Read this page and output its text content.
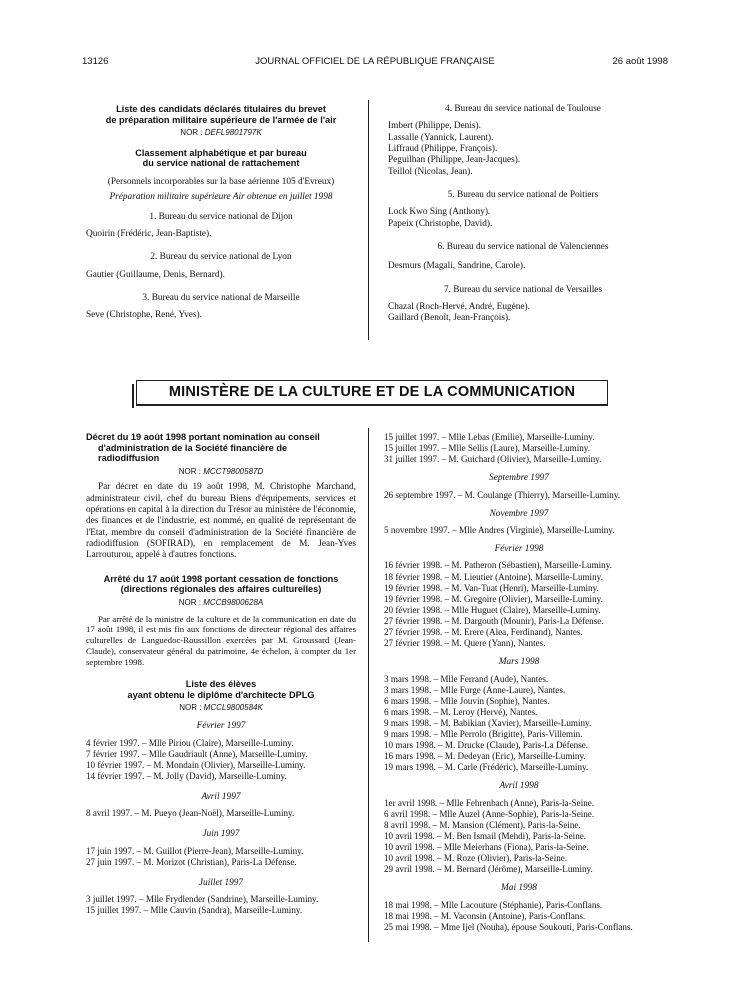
13126	JOURNAL OFFICIEL DE LA RÉPUBLIQUE FRANÇAISE	26 août 1998
Liste des candidats déclarés titulaires du brevet
de préparation militaire supérieure de l'armée de l'air
NOR : DEFL9801797K
Classement alphabétique et par bureau
du service national de rattachement
(Personnels incorporables sur la base aérienne 105 d'Evreux)
Préparation militaire supérieure Air obtenue en juillet 1998
1. Bureau du service national de Dijon
Quoirin (Frédéric, Jean-Baptiste).
2. Bureau du service national de Lyon
Gautier (Guillaume, Denis, Bernard).
3. Bureau du service national de Marseille
Seve (Christophe, René, Yves).
4. Bureau du service national de Toulouse
Imbert (Philippe, Denis).
Lassalle (Yannick, Laurent).
Liffraud (Philippe, François).
Peguilhan (Philippe, Jean-Jacques).
Teillol (Nicolas, Jean).
5. Bureau du service national de Poitiers
Lock Kwo Sing (Anthony).
Papeix (Christophe, David).
6. Bureau du service national de Valenciennes
Desmurs (Magali, Sandrine, Carole).
7. Bureau du service national de Versailles
Chazal (Roch-Hervé, André, Eugène).
Gaillard (Benoît, Jean-François).
MINISTÈRE DE LA CULTURE ET DE LA COMMUNICATION
Décret du 19 août 1998 portant nomination au conseil
d'administration de la Société financière de
radiodiffusion
NOR : MCCT9800587D
Par décret en date du 19 août 1998, M. Christophe Marchand, administrateur civil, chef du bureau Biens d'équipements, services et opérations en capital à la direction du Trésor au ministère de l'économie, des finances et de l'industrie, est nommé, en qualité de représentant de l'Etat, membre du conseil d'administration de la Société financière de radiodiffusion (SOFIRAD), en remplacement de M. Jean-Yves Larrouturou, appelé à d'autres fonctions.
Arrêté du 17 août 1998 portant cessation de fonctions
(directions régionales des affaires culturelles)
NOR : MCCB9800628A
Par arrêté de la ministre de la culture et de la communication en date du 17 août 1998, il est mis fin aux fonctions de directeur régional des affaires culturelles de Languedoc-Roussillon exercées par M. Groussard (Jean-Claude), conservateur général du patrimoine, 4e échelon, à compter du 1er septembre 1998.
Liste des élèves
ayant obtenu le diplôme d'architecte DPLG
NOR : MCCL9800584K
Février 1997
4 février 1997. – Mlle Piriou (Claire), Marseille-Luminy.
7 février 1997. – Mlle Gaudriault (Anne), Marseille-Luminy.
10 février 1997. – M. Mondain (Olivier), Marseille-Luminy.
14 février 1997. – M. Jolly (David), Marseille-Luminy.
Avril 1997
8 avril 1997. – M. Pueyo (Jean-Noël), Marseille-Luminy.
Juin 1997
17 juin 1997. – M. Guillot (Pierre-Jean), Marseille-Luminy.
27 juin 1997. – M. Morizot (Christian), Paris-La Défense.
Juillet 1997
3 juillet 1997. – Mlle Frydlender (Sandrine), Marseille-Luminy.
15 juillet 1997. – Mlle Cauvin (Sandra), Marseille-Luminy.
15 juillet 1997. – Mlle Lebas (Emilie), Marseille-Luminy.
15 juillet 1997. – Mlle Sellis (Laure), Marseille-Luminy.
31 juillet 1997. – M. Guichard (Olivier), Marseille-Luminy.
Septembre 1997
26 septembre 1997. – M. Coulange (Thierry), Marseille-Luminy.
Novembre 1997
5 novembre 1997. – Mlle Andres (Virginie), Marseille-Luminy.
Février 1998
16 février 1998. – M. Patheron (Sébastien), Marseille-Luminy.
18 février 1998. – M. Lieutier (Antoine), Marseille-Luminy.
19 février 1998. – M. Van-Tuat (Henri), Marseille-Luminy.
19 février 1998. – M. Gregoire (Olivier), Marseille-Luminy.
20 février 1998. – Mlle Huguet (Claire), Marseille-Luminy.
27 février 1998. – M. Dargouth (Mounir), Paris-La Défense.
27 février 1998. – M. Erere (Alea, Ferdinand), Nantes.
27 février 1998. – M. Quere (Yann), Nantes.
Mars 1998
3 mars 1998. – Mlle Ferrand (Aude), Nantes.
3 mars 1998. – Mlle Furge (Anne-Laure), Nantes.
6 mars 1998. – Mlle Jouvin (Sophie), Nantes.
6 mars 1998. – M. Leroy (Hervé), Nantes.
9 mars 1998. – M. Babikian (Xavier), Marseille-Luminy.
9 mars 1998. – Mlle Perrolo (Brigitte), Paris-Villemin.
10 mars 1998. – M. Drucke (Claude), Paris-La Défense.
16 mars 1998. – M. Dedeyan (Eric), Marseille-Luminy.
19 mars 1998. – M. Carle (Frédéric), Marseille-Luminy.
Avril 1998
1er avril 1998. – Mlle Fehrenbach (Anne), Paris-la-Seine.
6 avril 1998. – Mlle Auzel (Anne-Sophie), Paris-la-Seine.
8 avril 1998. – M. Mansion (Clément), Paris-la-Seine.
10 avril 1998. – M. Ben Ismail (Mehdi), Paris-la-Seine.
10 avril 1998. – Mlle Meierhans (Fiona), Paris-la-Seine.
10 avril 1998. – M. Roze (Olivier), Paris-la-Seine.
29 avril 1998. – M. Bernard (Jérôme), Marseille-Luminy.
Mai 1998
18 mai 1998. – Mlle Lacouture (Stéphanie), Paris-Conflans.
18 mai 1998. – M. Vaconsin (Antoine), Paris-Conflans.
25 mai 1998. – Mme Ijel (Nouha), épouse Soukouti, Paris-Conflans.
